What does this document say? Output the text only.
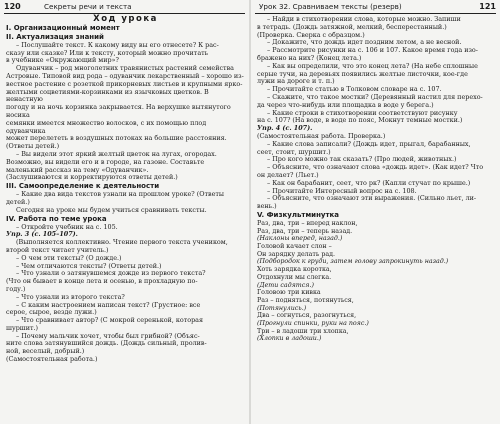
120	Секреты речи и текста

Ход урока

I. Организационный момент

II. Актуализация знаний

– Послушайте текст. К какому виду вы его отнесете? К рас-

сказу или сказке? Или к тексту, который можно прочитать

в учебнике «Окружающий мир»?

Одуванчик – род многолетних травянистых растений семейства

Астровые. Типовой вид рода – одуванчик лекарственный – хорошо из-

вестное растение с розеткой прикорневых листьев и крупными ярко-

желтыми соцветиями-корзинками из язычковых цветков. В ненастную

погоду и на ночь корзинка закрывается. На верхушке вытянутого носика

семянки имеется множество волосков, с их помощью плод одуванчика

может перелететь в воздушных потоках на большие расстояния.

(Ответы детей.)

– Вы видели этот яркий желтый цветок на лугах, огородах.

Возможно, вы видели его и в городе, на газоне. Составьте

маленький рассказ на тему «Одуванчик».

(Заслушиваются и корректируются ответы детей.)

III. Самоопределение к деятельности

– Какие два вида текстов узнали на прошлом уроке? (Ответы

детей.)

Сегодня на уроке мы будем учиться сравнивать тексты.

IV. Работа по теме урока

– Откройте учебник на с. 105.

Упр. 3 (с. 105–107).

(Выполняется коллективно. Чтение первого текста учеником,

второй текст читает учитель.)

– О чем эти тексты? (О дожде.)

– Чем отличаются тексты? (Ответы детей.)

– Что узнали о затянувшемся дожде из первого текста?

(Что он бывает в конце лета и осенью, в прохладную по-

году.)

– Что узнали из второго текста?

– С каким настроением написан текст? (Грустное: все

серое, сырое, везде лужи.)

– Что сравнивает автор? (С мокрой серенькой, которая

шуршит.)

– Почему мальчик хочет, чтобы был грибной? (Объяс-

ните слова затянувшийся дождь. (Дождь сильный, пролив-

ной, веселый, добрый.)

(Самостоятельная работа.)

Урок 32. Сравниваем тексты (резерв)	121

– Найди в стихотворении слова, которые можно. Запиши

в тетрадь. (Дождь затяжной, мелкий, бесперестанный.)

(Проверка. Сверка с образцом.)

– Докажите, что дождь идет поздним летом, а не весной.

– Рассмотрите рисунки на с. 106 и 107. Какое время года изо-

бражено на них? (Конец лета.)

– Как вы определили, что это конец лета? (На небе сплошные

серые тучи, на деревьях появились желтые листочки, кое-где

лужи на дороге и т. п.)

– Прочитайте статью в Толковом словаре на с. 107.

– Скажите, что такое мостки? (Деревянный настил для перехо-

да через что-нибудь или площадка в воде у берега.)

– Какие строки в стихотворении соответствуют рисунку

на с. 107? (На воде, в воде по пояс, Мокнут темные мостки.)

Упр. 4 (с. 107).

(Самостоятельная работа. Проверка.)

– Какие слова записали? (Дождь идет, прыгал, барабанных,

сеет, стоит, шуршит.)

– Про кого можно так сказать? (Про людей, животных.)

– Объясните, что означают слова «дождь идет». (Как идет? Что

он делает? (Льет.)

– Как он барабанит, сеет, что рк? (Капли стучат по крыше.)

– Прочитайте Интересный вопрос на с. 108.

– Объясните, что означают эти выражения. (Сильно льет, ли-

вень.)

V. Физкультминутка

Раз, два, три – вперед наклон,

Раз, два, три – теперь назад.

(Наклоны вперед, назад.)

Головой качает слон –

Он зарядку делать рад.

(Подбородок к груди, затем голову запрокинуть назад.)

Хоть зарядка коротка,

Отдохнули мы слегка.

(Дети садятся.)

Головою три кивка

Раз – подняться, потянуться,

(Потянулись.)

Два – согнуться, разогнуться,

(Прогнули спинки, руки на пояс.)

Три – в ладоши три хлопка,

(Хлопки в ладоши.)
